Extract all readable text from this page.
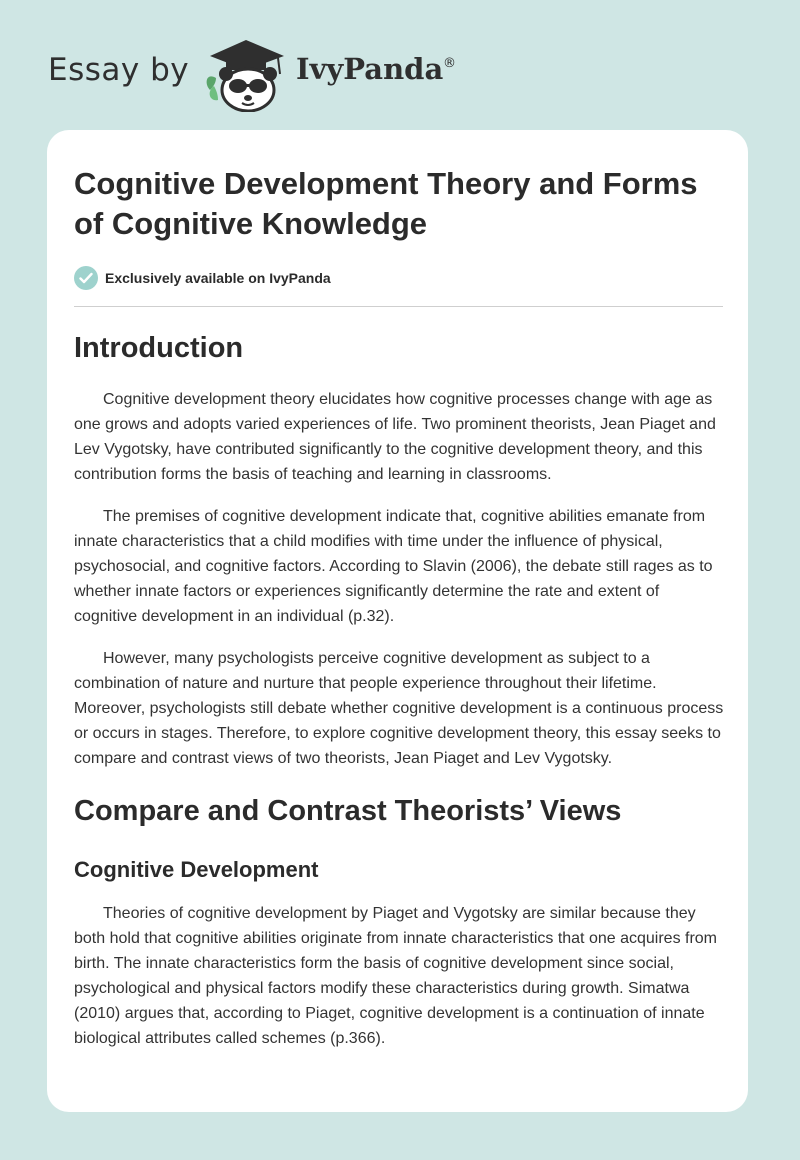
Essay by	IvyPanda ®
Cognitive Development Theory and Forms of Cognitive Knowledge
Exclusively available on IvyPanda
Introduction

Cognitive development theory elucidates how cognitive processes change with age as one grows and adopts varied experiences of life. Two prominent theorists, Jean Piaget and Lev Vygotsky, have contributed significantly to the cognitive development theory, and this contribution forms the basis of teaching and learning in classrooms.

The premises of cognitive development indicate that, cognitive abilities emanate from innate characteristics that a child modifies with time under the influence of physical, psychosocial, and cognitive factors. According to Slavin (2006), the debate still rages as to whether innate factors or experiences significantly determine the rate and extent of cognitive development in an individual (p.32).

However, many psychologists perceive cognitive development as subject to a combination of nature and nurture that people experience throughout their lifetime. Moreover, psychologists still debate whether cognitive development is a continuous process or occurs in stages. Therefore, to explore cognitive development theory, this essay seeks to compare and contrast views of two theorists, Jean Piaget and Lev Vygotsky.

Compare and Contrast Theorists’ Views
Cognitive Development

Theories of cognitive development by Piaget and Vygotsky are similar because they both hold that cognitive abilities originate from innate characteristics that one acquires from birth. The innate characteristics form the basis of cognitive development since social, psychological and physical factors modify these characteristics during growth. Simatwa (2010) argues that, according to Piaget, cognitive development is a continuation of innate biological attributes called schemes (p.366).
